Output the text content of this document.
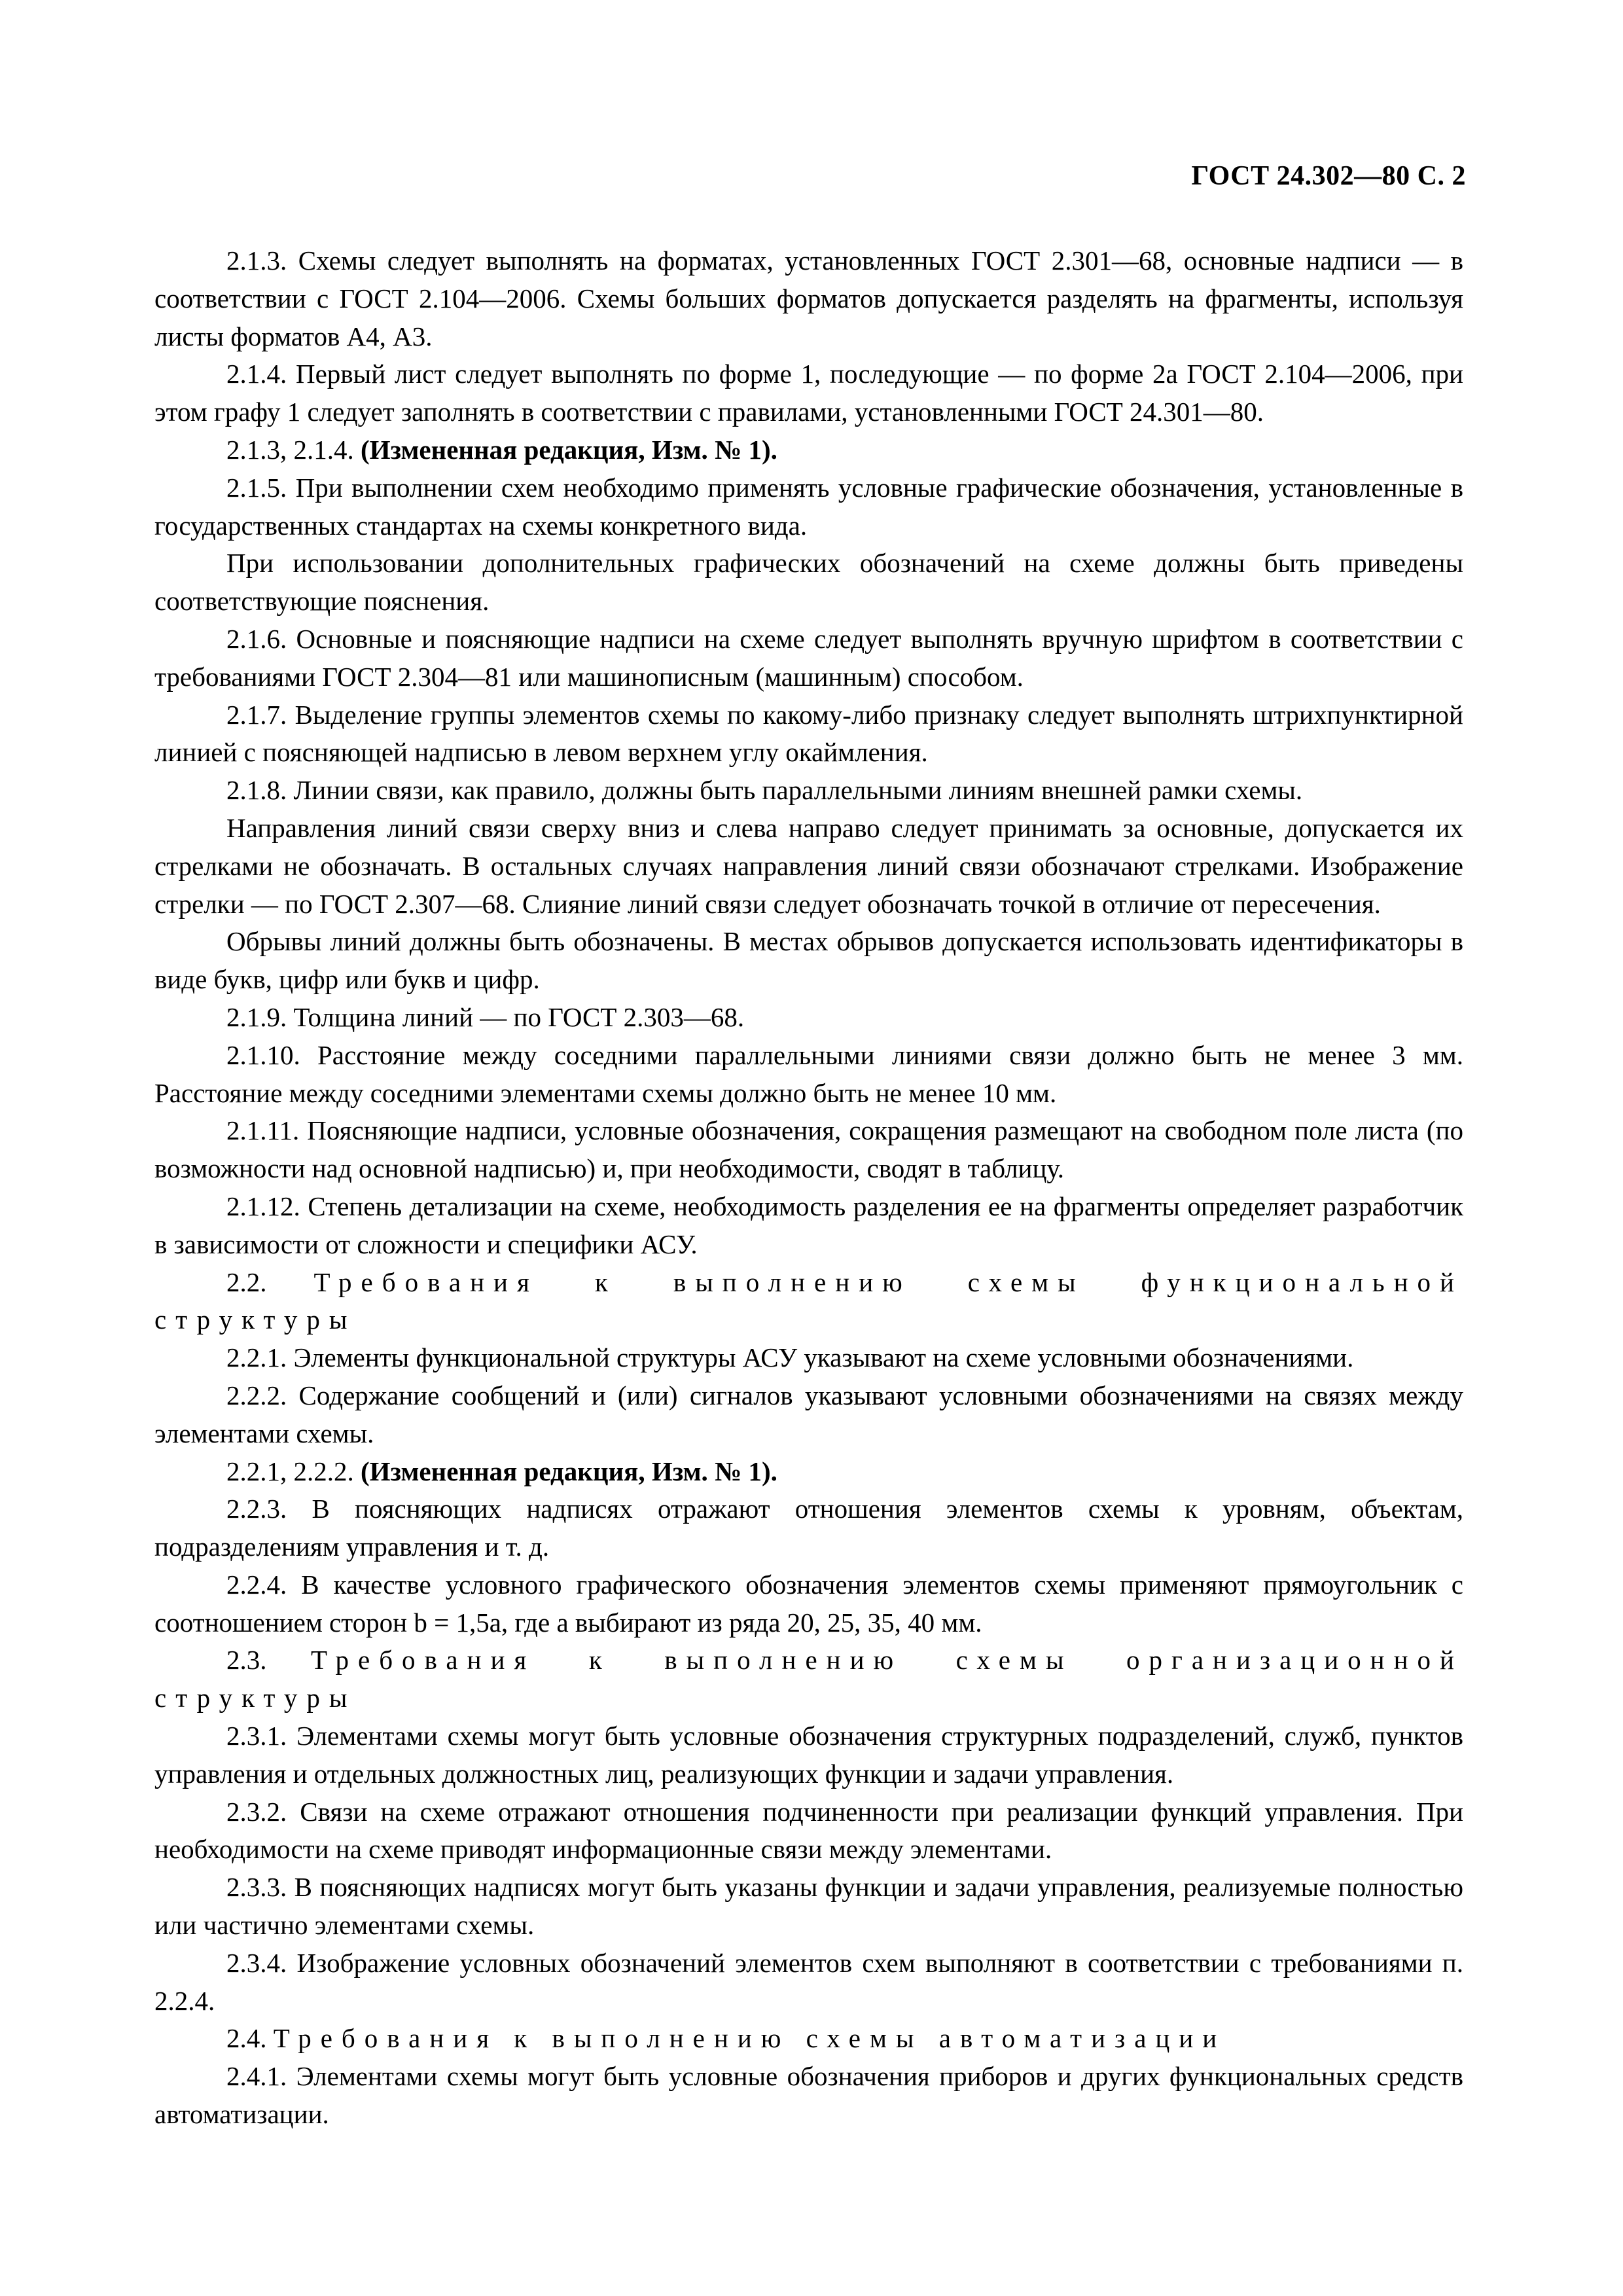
ГОСТ 24.302—80 С. 2

2.1.3. Схемы следует выполнять на форматах, установленных ГОСТ 2.301—68, основные надписи — в соответствии с ГОСТ 2.104—2006. Схемы больших форматов допускается разделять на фрагменты, используя листы форматов А4, А3.

2.1.4. Первый лист следует выполнять по форме 1, последующие — по форме 2а ГОСТ 2.104—2006, при этом графу 1 следует заполнять в соответствии с правилами, установленными ГОСТ 24.301—80.

2.1.3, 2.1.4. (Измененная редакция, Изм. № 1).

2.1.5. При выполнении схем необходимо применять условные графические обозначения, установленные в государственных стандартах на схемы конкретного вида.

При использовании дополнительных графических обозначений на схеме должны быть приведены соответствующие пояснения.

2.1.6. Основные и поясняющие надписи на схеме следует выполнять вручную шрифтом в соответствии с требованиями ГОСТ 2.304—81 или машинописным (машинным) способом.

2.1.7. Выделение группы элементов схемы по какому-либо признаку следует выполнять штрихпунктирной линией с поясняющей надписью в левом верхнем углу окаймления.

2.1.8. Линии связи, как правило, должны быть параллельными линиям внешней рамки схемы.

Направления линий связи сверху вниз и слева направо следует принимать за основные, допускается их стрелками не обозначать. В остальных случаях направления линий связи обозначают стрелками. Изображение стрелки — по ГОСТ 2.307—68. Слияние линий связи следует обозначать точкой в отличие от пересечения.

Обрывы линий должны быть обозначены. В местах обрывов допускается использовать идентификаторы в виде букв, цифр или букв и цифр.

2.1.9. Толщина линий — по ГОСТ 2.303—68.

2.1.10. Расстояние между соседними параллельными линиями связи должно быть не менее 3 мм. Расстояние между соседними элементами схемы должно быть не менее 10 мм.

2.1.11. Поясняющие надписи, условные обозначения, сокращения размещают на свободном поле листа (по возможности над основной надписью) и, при необходимости, сводят в таблицу.

2.1.12. Степень детализации на схеме, необходимость разделения ее на фрагменты определяет разработчик в зависимости от сложности и специфики АСУ.

2.2. Требования к выполнению схемы функциональной структуры

2.2.1. Элементы функциональной структуры АСУ указывают на схеме условными обозначениями.

2.2.2. Содержание сообщений и (или) сигналов указывают условными обозначениями на связях между элементами схемы.

2.2.1, 2.2.2. (Измененная редакция, Изм. № 1).

2.2.3. В поясняющих надписях отражают отношения элементов схемы к уровням, объектам, подразделениям управления и т. д.

2.2.4. В качестве условного графического обозначения элементов схемы применяют прямоугольник с соотношением сторон b = 1,5a, где a выбирают из ряда 20, 25, 35, 40 мм.

2.3. Требования к выполнению схемы организационной структуры

2.3.1. Элементами схемы могут быть условные обозначения структурных подразделений, служб, пунктов управления и отдельных должностных лиц, реализующих функции и задачи управления.

2.3.2. Связи на схеме отражают отношения подчиненности при реализации функций управления. При необходимости на схеме приводят информационные связи между элементами.

2.3.3. В поясняющих надписях могут быть указаны функции и задачи управления, реализуемые полностью или частично элементами схемы.

2.3.4. Изображение условных обозначений элементов схем выполняют в соответствии с требованиями п. 2.2.4.

2.4. Требования к выполнению схемы автоматизации

2.4.1. Элементами схемы могут быть условные обозначения приборов и других функциональных средств автоматизации.
